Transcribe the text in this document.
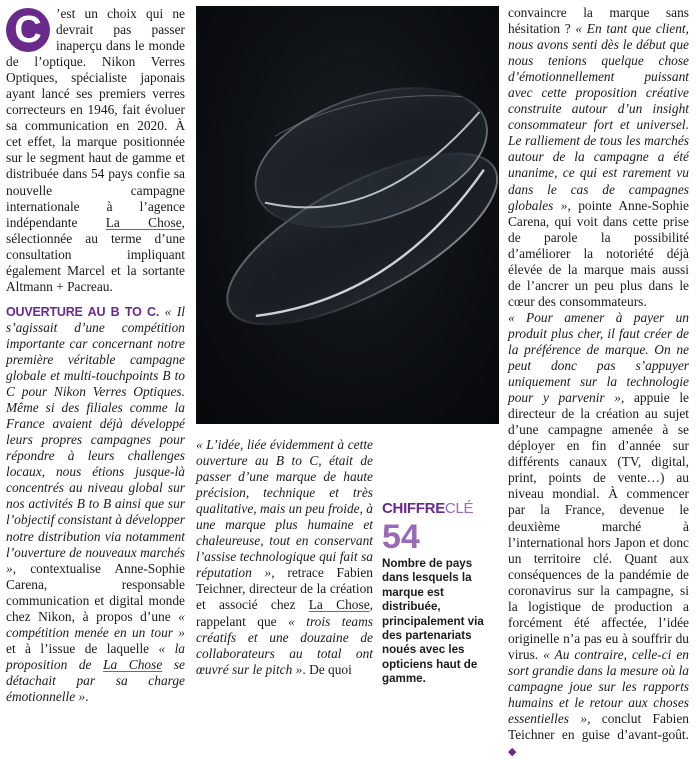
C	’est un choix qui ne devrait pas passer inaperçu dans le monde de l’optique. Nikon Verres Optiques, spécialiste japonais ayant lancé ses premiers verres correcteurs en 1946, fait évoluer sa communication en 2020. À cet effet, la marque positionnée sur le segment haut de gamme et distribuée dans 54 pays confie sa nouvelle campagne internationale à l’agence indépendante La Chose, sélectionnée au terme d’une consultation impliquant également Marcel et la sortante Altmann + Pacreau.

OUVERTURE AU B TO C. « Il s’agissait d’une compétition importante car concernant notre première véritable campagne globale et multi-touchpoints B to C pour Nikon Verres Optiques. Même si des filiales comme la France avaient déjà développé leurs propres campagnes pour répondre à leurs challenges locaux, nous étions jusque-là concentrés au niveau global sur nos activités B to B ainsi que sur l’objectif consistant à développer notre distribution via notamment l’ouverture de nouveaux marchés », contextualise Anne-Sophie Carena, responsable communication et digital monde chez Nikon, à propos d’une « compétition menée en un tour » et à l’issue de laquelle « la proposition de La Chose se détachait par sa charge émotionnelle ».

« L’idée, liée évidemment à cette ouverture au B to C, était de passer d’une marque de haute précision, technique et très qualitative, mais un peu froide, à une marque plus humaine et chaleureuse, tout en conservant l’assise technologique qui fait sa réputation », retrace Fabien Teichner, directeur de la création et associé chez La Chose, rappelant que « trois teams créatifs et une douzaine de collaborateurs au total ont œuvré sur le pitch ». De quoi

CHIFFRECLÉ
54
Nombre de pays dans lesquels la marque est distribuée, principalement via des partenariats noués avec les opticiens haut de gamme.

convaincre la marque sans hésitation ? « En tant que client, nous avons senti dès le début que nous tenions quelque chose d’émotionnellement puissant avec cette proposition créative construite autour d’un insight consommateur fort et universel. Le ralliement de tous les marchés autour de la campagne a été unanime, ce qui est rarement vu dans le cas de campagnes globales », pointe Anne-Sophie Carena, qui voit dans cette prise de parole la possibilité d’améliorer la notoriété déjà élevée de la marque mais aussi de l’ancrer un peu plus dans le cœur des consommateurs.

« Pour amener à payer un produit plus cher, il faut créer de la préférence de marque. On ne peut donc pas s’appuyer uniquement sur la technologie pour y parvenir », appuie le directeur de la création au sujet d’une campagne amenée à se déployer en fin d’année sur différents canaux (TV, digital, print, points de vente…) au niveau mondial. À commencer par la France, devenue le deuxième marché à l’international hors Japon et donc un territoire clé. Quant aux conséquences de la pandémie de coronavirus sur la campagne, si la logistique de production a forcément été affectée, l’idée originelle n’a pas eu à souffrir du virus. « Au contraire, celle-ci en sort grandie dans la mesure où la campagne joue sur les rapports humains et le retour aux choses essentielles », conclut Fabien Teichner en guise d’avant-goût. ◆
